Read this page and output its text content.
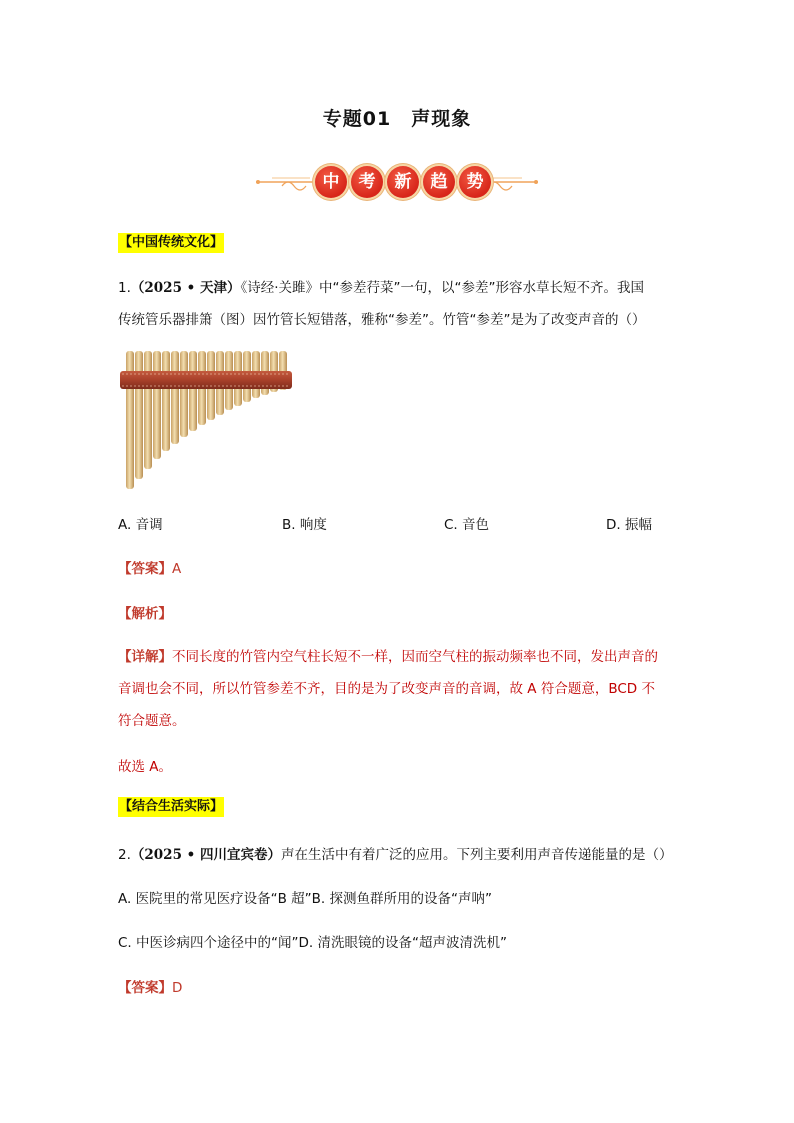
专题01　声现象
中	考	新	趋	势
【中国传统文化】
1.（2025 • 天津）《诗经·关雎》中“参差荇菜”一句，以“参差”形容水草长短不齐。我国
传统管乐器排箫（图）因竹管长短错落，雅称“参差”。竹管“参差”是为了改变声音的（）
A. 音调	B. 响度	C. 音色	D. 振幅
【答案】A
【解析】
【详解】不同长度的竹管内空气柱长短不一样，因而空气柱的振动频率也不同，发出声音的
音调也会不同，所以竹管参差不齐，目的是为了改变声音的音调，故 A 符合题意，BCD 不
符合题意。
故选 A。
【结合生活实际】
2.（2025 • 四川宜宾卷）声在生活中有着广泛的应用。下列主要利用声音传递能量的是（）
A. 医院里的常见医疗设备“B 超”B. 探测鱼群所用的设备“声呐”
C. 中医诊病四个途径中的“闻”D. 清洗眼镜的设备“超声波清洗机”
【答案】D
